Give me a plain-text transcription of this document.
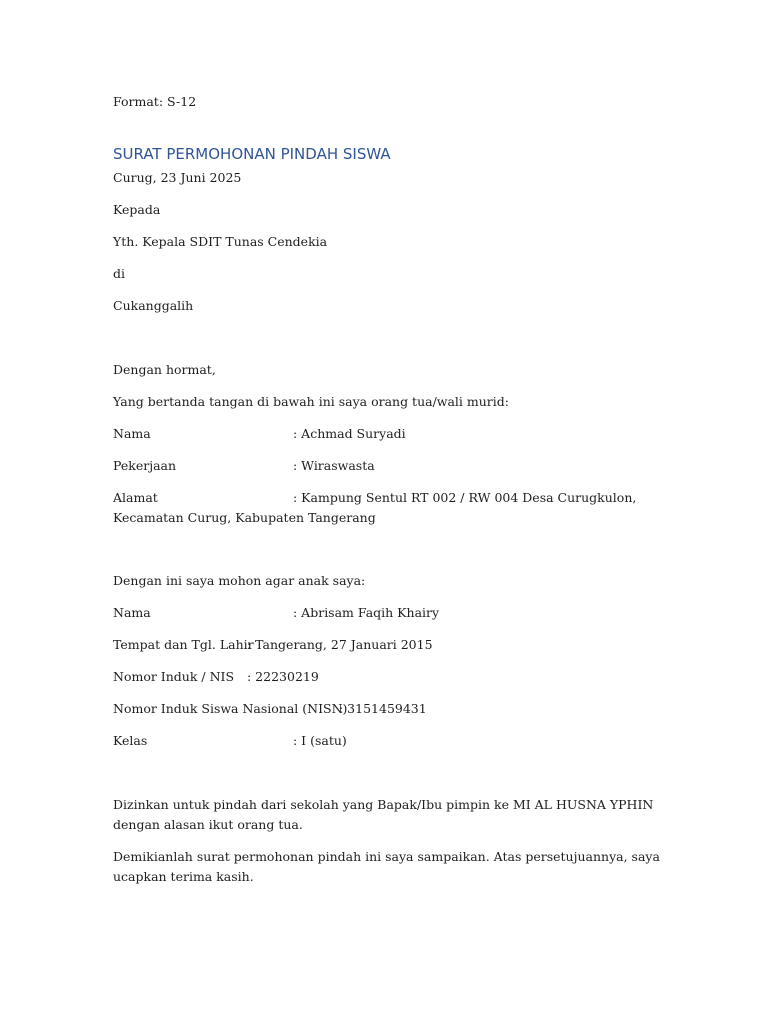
Format: S-12
SURAT PERMOHONAN PINDAH SISWA
Curug, 23 Juni 2025
Kepada
Yth. Kepala SDIT Tunas Cendekia
di
Cukanggalih
Dengan hormat,
Yang bertanda tangan di bawah ini saya orang tua/wali murid:
Nama	: Achmad Suryadi
Pekerjaan	: Wiraswasta
Alamat	: Kampung Sentul RT 002 / RW 004 Desa Curugkulon,
Kecamatan Curug, Kabupaten Tangerang
Dengan ini saya mohon agar anak saya:
Nama	: Abrisam Faqih Khairy
Tempat dan Tgl. Lahir
: Tangerang, 27 Januari 2015
Nomor Induk / NIS : 22230219
Nomor Induk Siswa Nasional (NISN)
: 3151459431
Kelas	: I (satu)
Dizinkan untuk pindah dari sekolah yang Bapak/Ibu pimpin ke MI AL HUSNA YPHIN
dengan alasan ikut orang tua.
Demikianlah surat permohonan pindah ini saya sampaikan. Atas persetujuannya, saya
ucapkan terima kasih.
